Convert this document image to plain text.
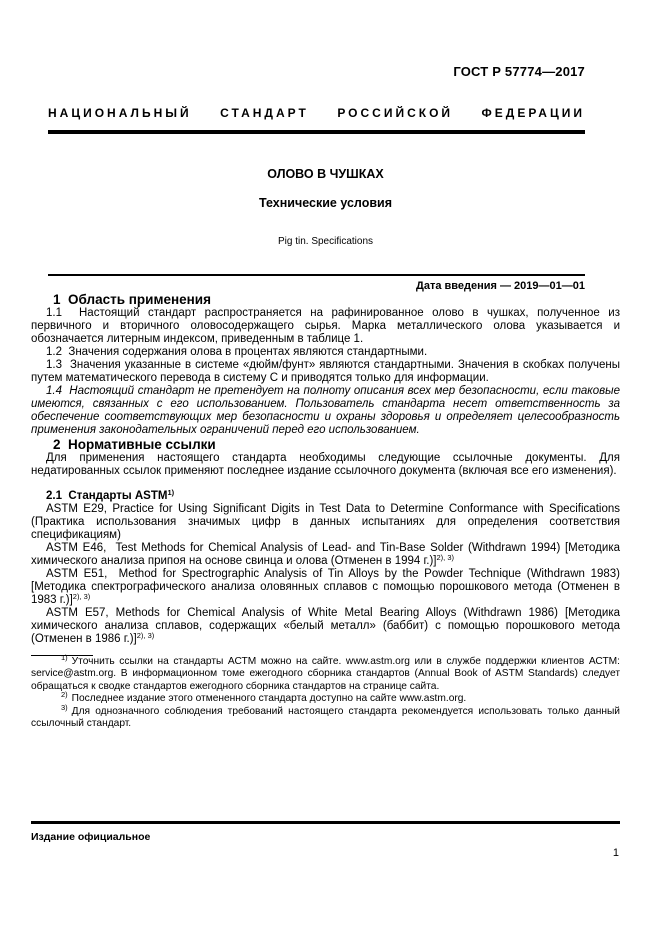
ГОСТ Р 57774—2017
НАЦИОНАЛЬНЫЙ СТАНДАРТ РОССИЙСКОЙ ФЕДЕРАЦИИ
ОЛОВО В ЧУШКАХ
Технические условия
Pig tin. Specifications
Дата введения — 2019—01—01
1  Область применения

1.1  Настоящий стандарт распространяется на рафинированное олово в чушках, полученное из первичного и вторичного оловосодержащего сырья. Марка металлического олова указывается и обозначается литерным индексом, приведенным в таблице 1.

1.2  Значения содержания олова в процентах являются стандартными.

1.3  Значения указанные в системе «дюйм/фунт» являются стандартными. Значения в скобках получены путем математического перевода в систему С и приводятся только для информации.

1.4  Настоящий стандарт не претендует на полноту описания всех мер безопасности, если таковые имеются, связанных с его использованием. Пользователь стандарта несет ответственность за обеспечение соответствующих мер безопасности и охраны здоровья и определяет целесообразность применения законодательных ограничений перед его использованием.

2  Нормативные ссылки

Для применения настоящего стандарта необходимы следующие ссылочные документы. Для недатированных ссылок применяют последнее издание ссылочного документа (включая все его изменения).

2.1  Стандарты ASTM$^{1)}$

ASTM E29, Practice for Using Significant Digits in Test Data to Determine Conformance with Specifications (Практика использования значимых цифр в данных испытаниях для определения соответствия спецификациям)

ASTM E46,  Test Methods for Chemical Analysis of Lead- and Tin-Base Solder (Withdrawn 1994) [Методика химического анализа припоя на основе свинца и олова (Отменен в 1994 г.)]$^{2), 3)}$

ASTM E51,  Method for Spectrographic Analysis of Tin Alloys by the Powder Technique (Withdrawn 1983) [Методика спектрографического анализа оловянных сплавов с помощью порошкового метода (Отменен в 1983 г.)]$^{2), 3)}$

ASTM E57, Methods for Chemical Analysis of White Metal Bearing Alloys (Withdrawn 1986) [Методика химического анализа сплавов, содержащих «белый металл» (баббит) с помощью порошкового метода (Отменен в 1986 г.)]$^{2), 3)}$

$^{1)}$ Уточнить ссылки на стандарты АСТМ можно на сайте. www.astm.org или в службе поддержки клиентов АСТМ: service@astm.org. В информационном томе ежегодного сборника стандартов (Annual Book of ASTM Standards) следует обращаться к сводке стандартов ежегодного сборника стандартов на странице сайта.

$^{2)}$ Последнее издание этого отмененного стандарта доступно на сайте www.astm.org.

$^{3)}$ Для однозначного соблюдения требований настоящего стандарта рекомендуется использовать только данный ссылочный стандарт.

Издание официальное
1
